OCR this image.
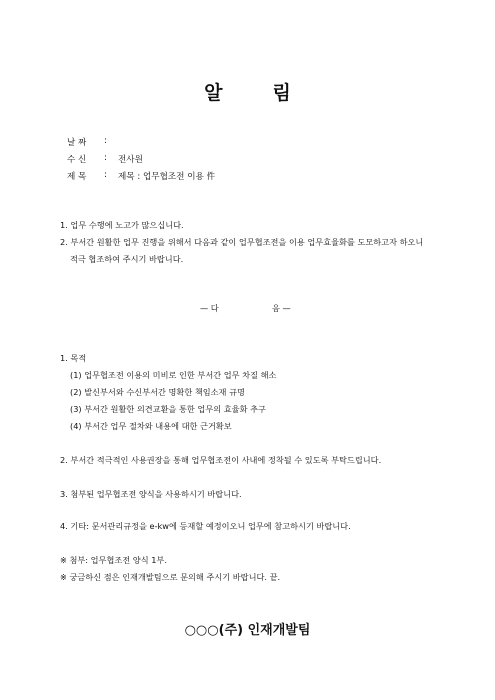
알	림
날 짜 :
수 신 : 전사원
제 목 : 제목 : 업무협조전 이용 件
1. 업무 수행에 노고가 많으십니다.
2. 부서간 원활한 업무 진행을 위해서 다음과 같이 업무협조전을 이용 업무효율화를 도모하고자 하오니
적극 협조하여 주시기 바랍니다.
— 다	음 —
1. 목적
(1) 업무협조전 이용의 미비로 인한 부서간 업무 차질 해소
(2) 발신부서와 수신부서간 명확한 책임소재 규명
(3) 부서간 원활한 의견교환을 통한 업무의 효율화 추구
(4) 부서간 업무 절차와 내용에 대한 근거확보
2. 부서간 적극적인 사용권장을 통해 업무협조전이 사내에 정착될 수 있도록 부탁드립니다.
3. 첨부된 업무협조전 양식을 사용하시기 바랍니다.
4. 기타: 문서관리규정을 e-kw에 등재할 예정이오니 업무에 참고하시기 바랍니다.
※ 첨부: 업무협조전 양식 1부.
※ 궁금하신 점은 인재개발팀으로 문의해 주시기 바랍니다. 끝.
○○○(주) 인재개발팀
